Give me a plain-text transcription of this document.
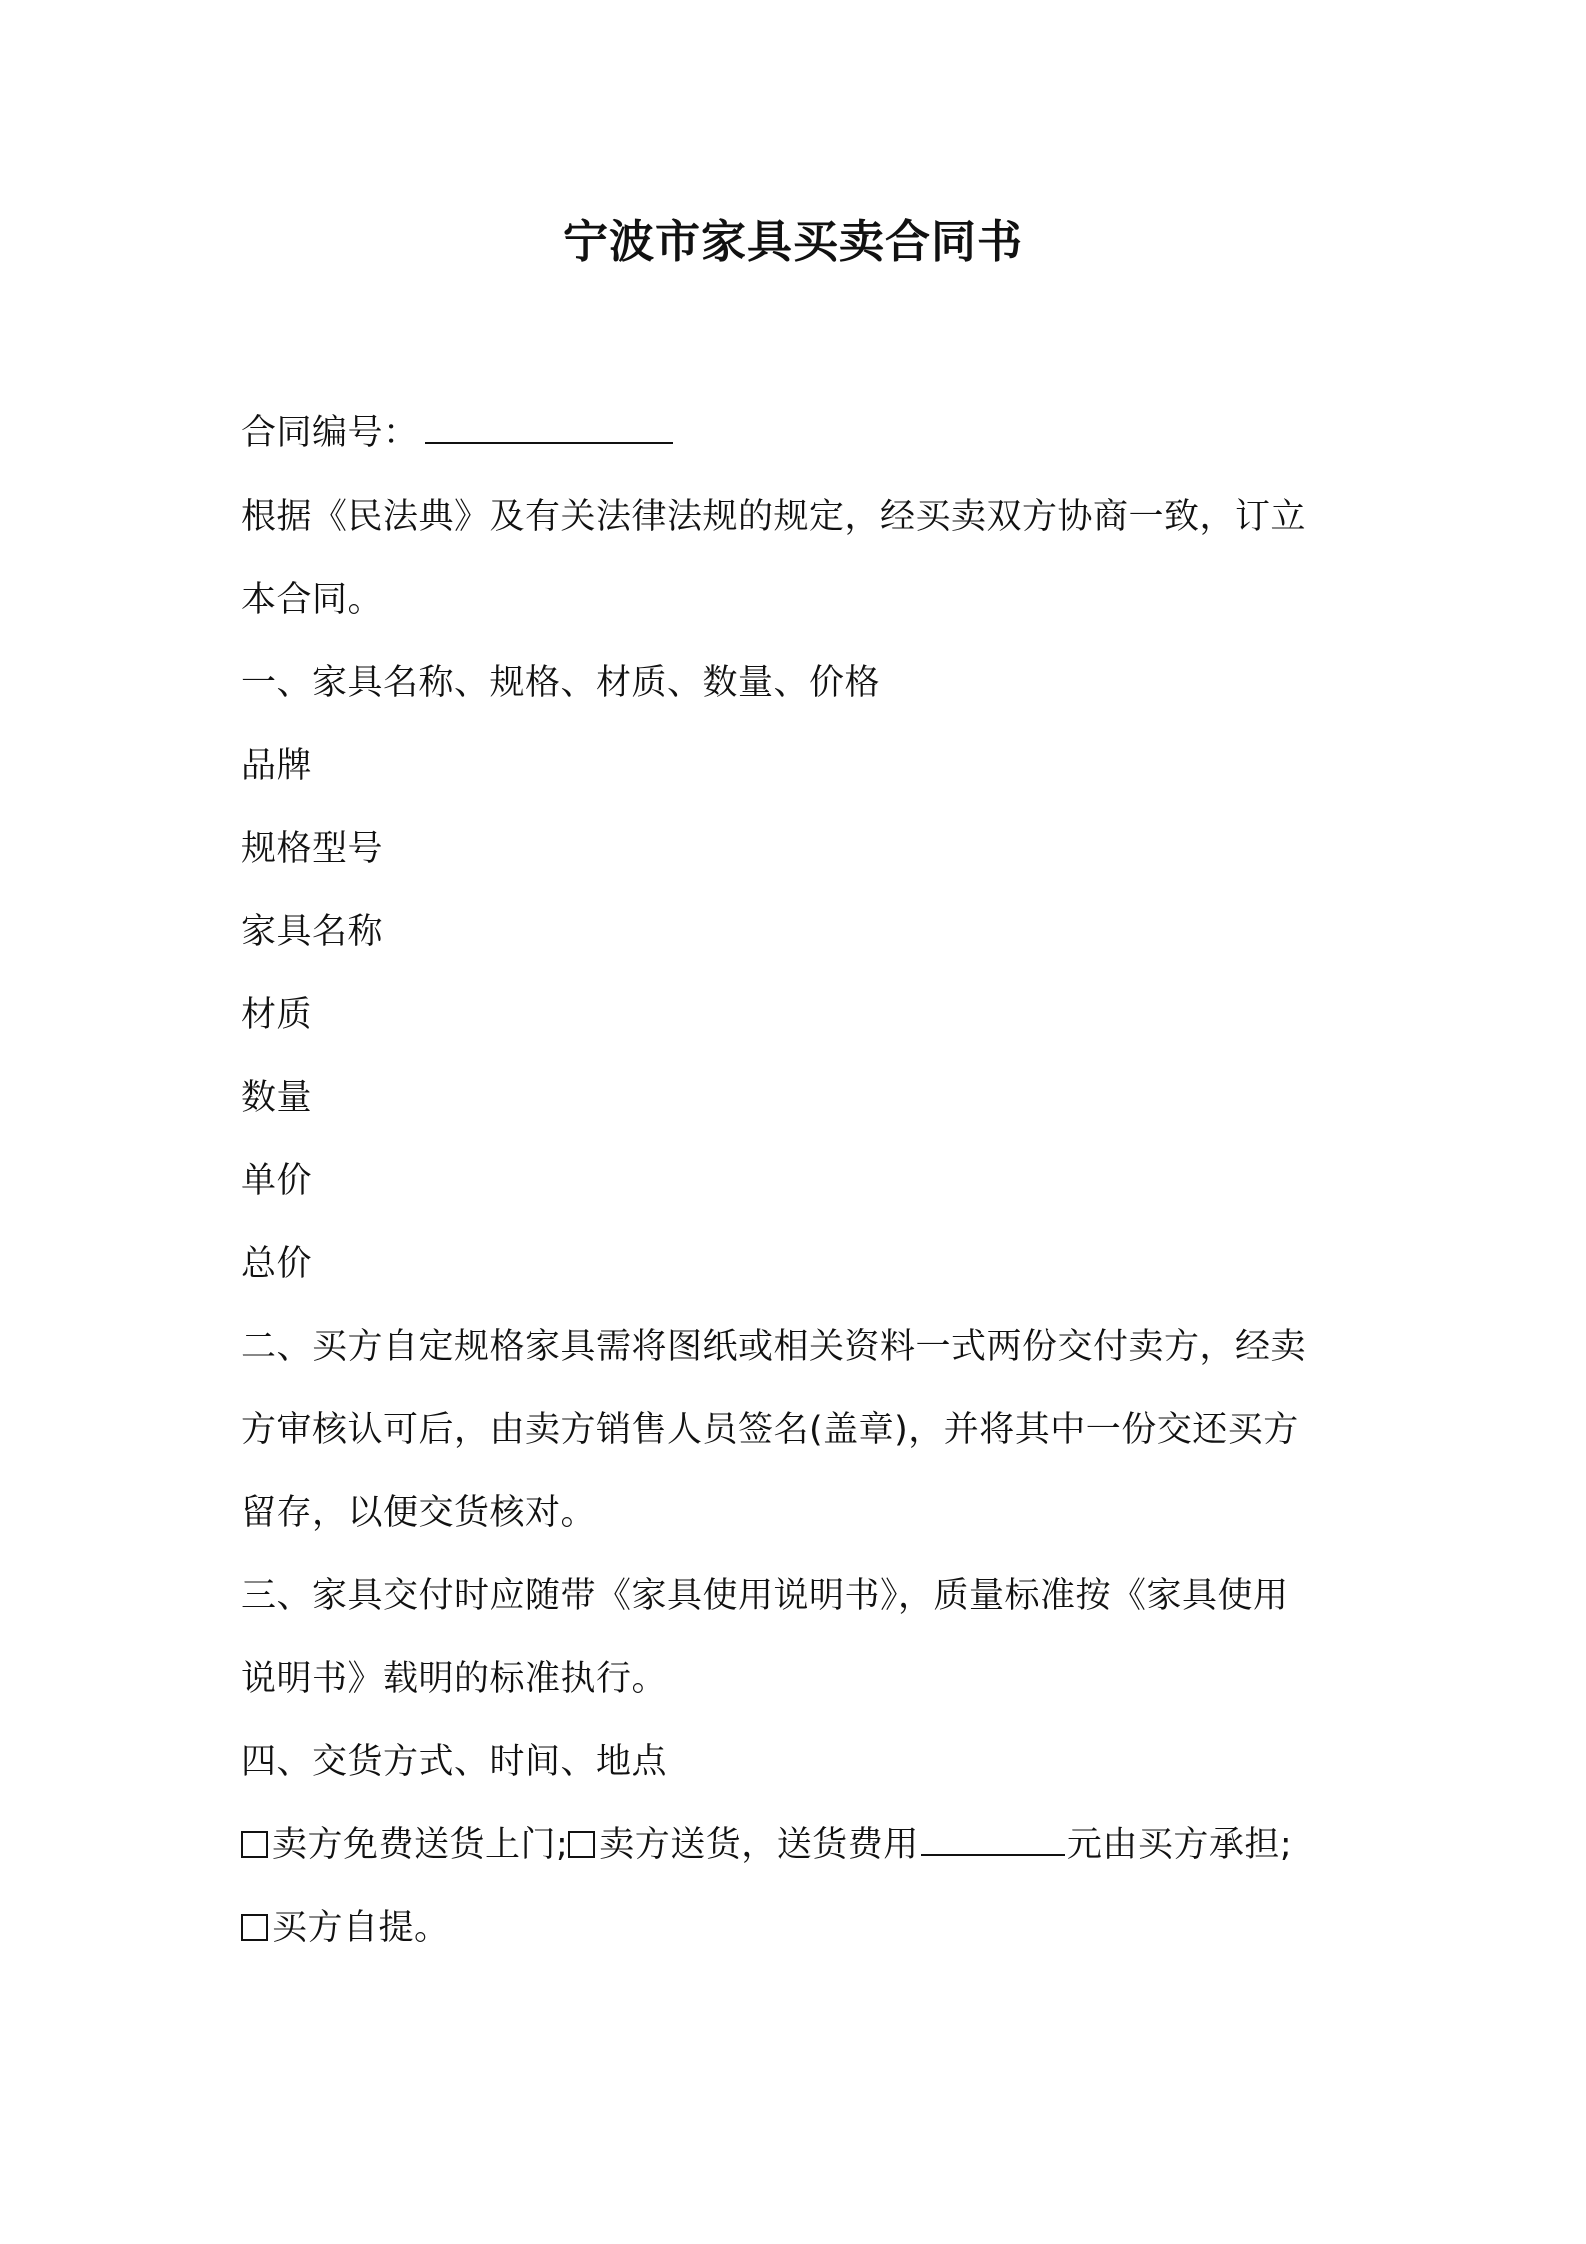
宁波市家具买卖合同书
合同编号：
根据《民法典》及有关法律法规的规定，经买卖双方协商一致，订立
本合同。
一、家具名称、规格、材质、数量、价格
品牌
规格型号
家具名称
材质
数量
单价
总价
二、买方自定规格家具需将图纸或相关资料一式两份交付卖方，经卖
方审核认可后，由卖方销售人员签名(盖章)，并将其中一份交还买方
留存，以便交货核对。
三、家具交付时应随带《家具使用说明书》，质量标准按《家具使用
说明书》载明的标准执行。
四、交货方式、时间、地点
卖方免费送货上门; 卖方送货，送货费用	元由买方承担;
买方自提。
